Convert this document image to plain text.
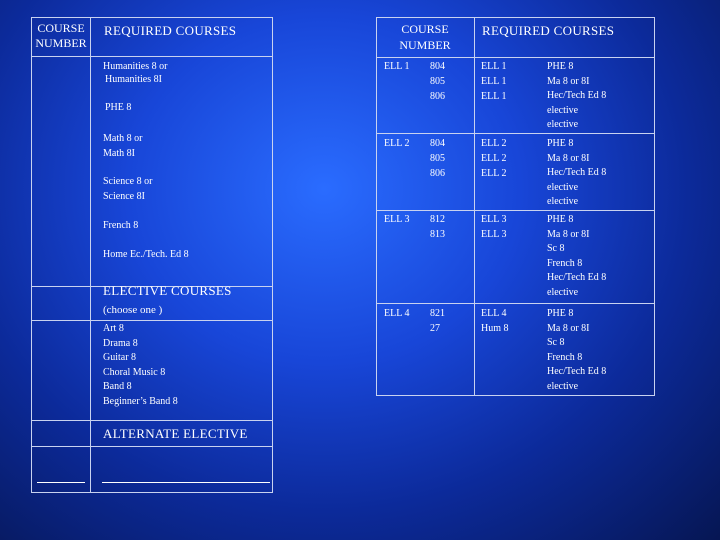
COURSE
NUMBER
REQUIRED COURSES
Humanities 8 or
Humanities 8I
PHE 8
Math 8 or
Math 8I
Science 8 or
Science 8I
French 8
Home Ec./Tech. Ed 8
ELECTIVE COURSES
(choose one )
Art 8
Drama 8
Guitar 8
Choral Music 8
Band 8
Beginner’s Band 8
ALTERNATE ELECTIVE
COURSE
NUMBER
REQUIRED COURSES
ELL 1 804
805
806
ELL 1
ELL 1
ELL 1
PHE 8
Ma 8 or 8I
Hec/Tech Ed 8
elective
elective
ELL 2 804
805
806
ELL 2
ELL 2
ELL 2
PHE 8
Ma 8 or 8I
Hec/Tech Ed 8
elective
elective
ELL 3 812
813
ELL 3
ELL 3
PHE 8
Ma 8 or 8I
Sc 8
French 8
Hec/Tech Ed 8
elective
ELL 4 821
27
ELL 4
Hum 8
PHE 8
Ma 8 or 8I
Sc 8
French 8
Hec/Tech Ed 8
elective
